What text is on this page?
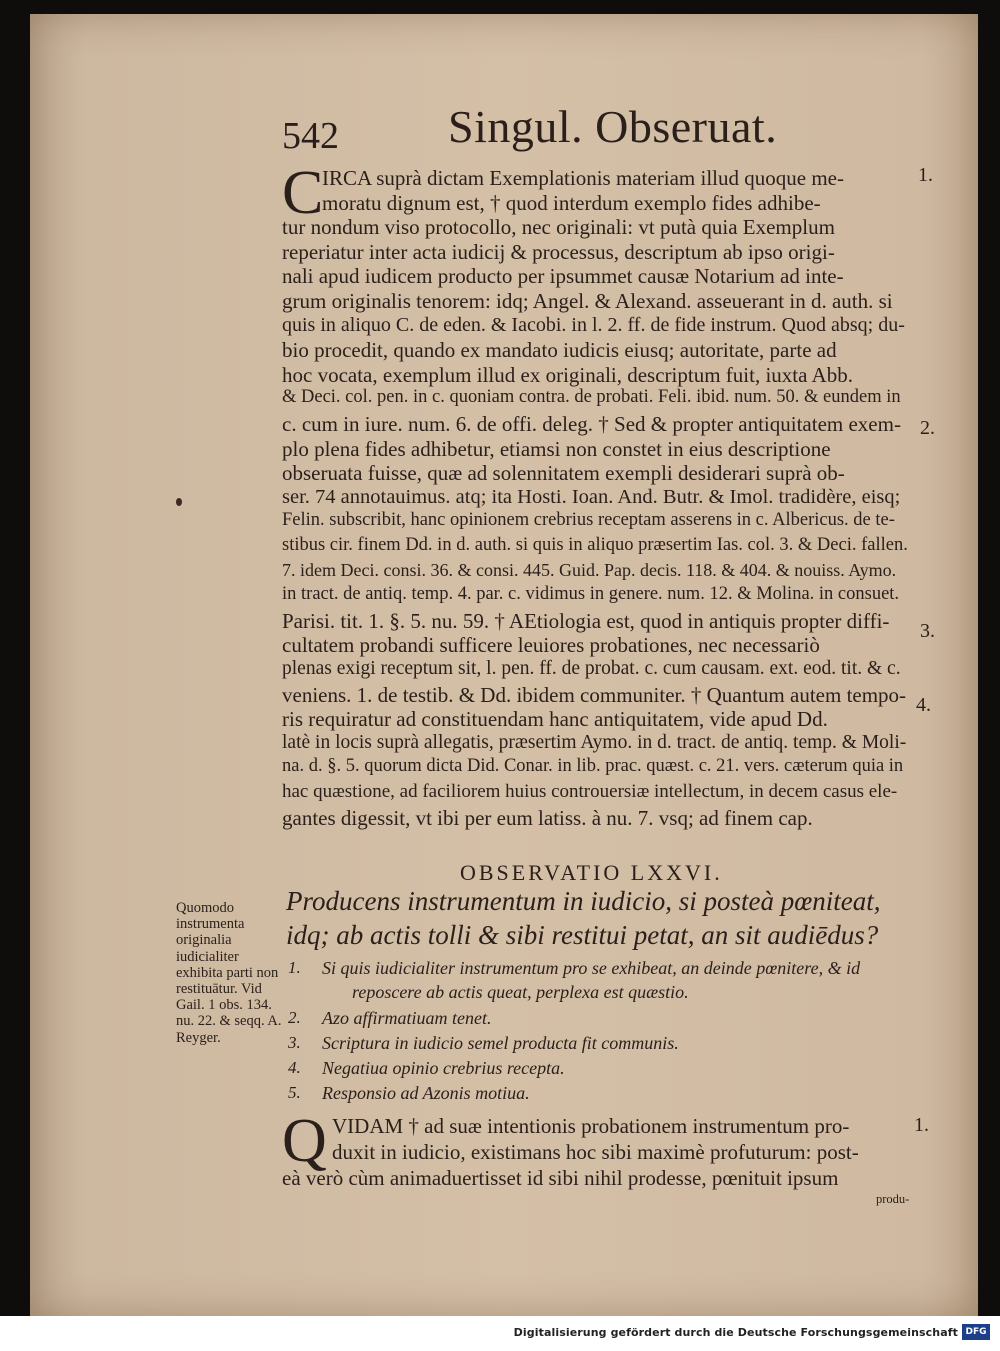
542 Singul. Obseruat.
C
IRCA suprà dictam Exemplationis materiam illud quoque me-
moratu dignum est, † quod interdum exemplo fides adhibe-
tur nondum viso protocollo, nec originali: vt putà quia Exemplum
reperiatur inter acta iudicij & processus, descriptum ab ipso origi-
nali apud iudicem producto per ipsummet causæ Notarium ad inte-
grum originalis tenorem: idq; Angel. & Alexand. asseuerant in d. auth. si
quis in aliquo C. de eden. & Iacobi. in l. 2. ff. de fide instrum. Quod absq; du-
bio procedit, quando ex mandato iudicis eiusq; autoritate, parte ad
hoc vocata, exemplum illud ex originali, descriptum fuit, iuxta Abb.
& Deci. col. pen. in c. quoniam contra. de probati. Feli. ibid. num. 50. & eundem in
c. cum in iure. num. 6. de offi. deleg. † Sed & propter antiquitatem exem-
plo plena fides adhibetur, etiamsi non constet in eius descriptione
obseruata fuisse, quæ ad solennitatem exempli desiderari suprà ob-
ser. 74 annotauimus. atq; ita Hosti. Ioan. And. Butr. & Imol. tradidère, eisq;
Felin. subscribit, hanc opinionem crebrius receptam asserens in c. Albericus. de te-
stibus cir. finem Dd. in d. auth. si quis in aliquo præsertim Ias. col. 3. & Deci. fallen.
7. idem Deci. consi. 36. & consi. 445. Guid. Pap. decis. 118. & 404. & nouiss. Aymo.
in tract. de antiq. temp. 4. par. c. vidimus in genere. num. 12. & Molina. in consuet.
Parisi. tit. 1. §. 5. nu. 59. † AEtiologia est, quod in antiquis propter diffi-
cultatem probandi sufficere leuiores probationes, nec necessariò
plenas exigi receptum sit, l. pen. ff. de probat. c. cum causam. ext. eod. tit. & c.
veniens. 1. de testib. & Dd. ibidem communiter. † Quantum autem tempo-
ris requiratur ad constituendam hanc antiquitatem, vide apud Dd.
latè in locis suprà allegatis, præsertim Aymo. in d. tract. de antiq. temp. & Moli-
na. d. §. 5. quorum dicta Did. Conar. in lib. prac. quæst. c. 21. vers. cæterum quia in
hac quæstione, ad faciliorem huius controuersiæ intellectum, in decem casus ele-
gantes digessit, vt ibi per eum latiss. à nu. 7. vsq; ad finem cap.
1.
2.
3.
4.
OBSERVATIO LXXVI.
Producens instrumentum in iudicio, si posteà pœniteat,
idq; ab actis tolli & sibi restitui petat, an sit audiēdus?
Quomodo instrumenta originalia iudicialiter exhibita parti non restituātur. Vid Gail. 1 obs. 134. nu. 22. & seqq. A. Reyger.
1. Si quis iudicialiter instrumentum pro se exhibeat, an deinde pœnitere, & id
reposcere ab actis queat, perplexa est quæstio.
2. Azo affirmatiuam tenet.
3. Scriptura in iudicio semel producta fit communis.
4. Negatiua opinio crebrius recepta.
5. Responsio ad Azonis motiua.
Q VIDAM † ad suæ intentionis probationem instrumentum pro-
duxit in iudicio, existimans hoc sibi maximè profuturum: post-
eà verò cùm animaduertisset id sibi nihil prodesse, pœnituit ipsum
produ-
1.
Digitalisierung gefördert durch die Deutsche Forschungsgemeinschaft DFG
